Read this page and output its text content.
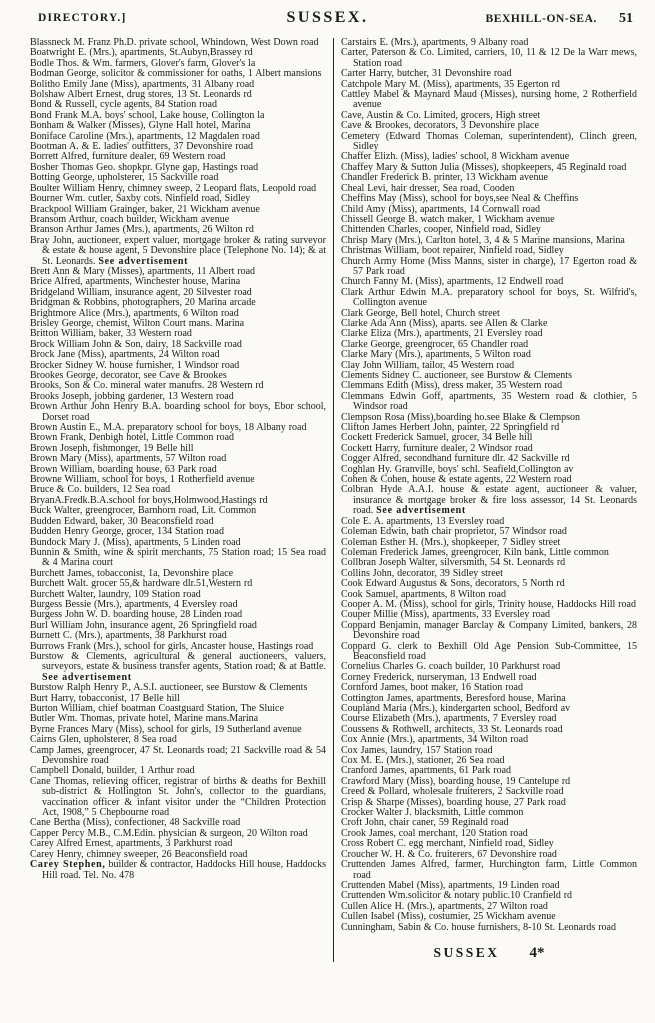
DIRECTORY.]	SUSSEX.	BEXHILL-ON-SEA. 51

Blassneck M. Franz Ph.D. private school, Whindown, West Down road

Boatwright E. (Mrs.), apartments, St.Aubyn,Brassey rd

Bodle Thos. & Wm. farmers, Glover's farm, Glover's la

Bodman George, solicitor & commissioner for oaths, 1 Albert mansions

Bolitho Emily Jane (Miss), apartments, 31 Albany road

Bolshaw Albert Ernest, drug stores, 13 St. Leonards rd

Bond & Russell, cycle agents, 84 Station road

Bond Frank M.A. boys' school, Lake house, Collington la

Bonham & Walker (Misses), Glyne Hall hotel, Marina

Boniface Caroline (Mrs.), apartments, 12 Magdalen road

Bootman A. & E. ladies' outfitters, 37 Devonshire road

Borrett Alfred, furniture dealer, 69 Western road

Bosher Thomas Geo. shopkpr. Glyne gap, Hastings road

Botting George, upholsterer, 15 Sackville road

Boulter William Henry, chimney sweep, 2 Leopard flats, Leopold road

Bourner Wm. cutler, Saxby cots. Ninfield road, Sidley

Brackpool William Grainger, baker, 21 Wickham avenue

Bransom Arthur, coach builder, Wickham avenue

Branson Arthur James (Mrs.), apartments, 26 Wilton rd

Bray John, auctioneer, expert valuer, mortgage broker & rating surveyor & estate & house agent, 5 Devonshire place (Telephone No. 14); & at St. Leonards. See advertisement

Brett Ann & Mary (Misses), apartments, 11 Albert road

Brice Alfred, apartments, Winchester house, Marina

Bridgeland William, insurance agent, 20 Silvester road

Bridgman & Robbins, photographers, 20 Marina arcade

Brightmore Alice (Mrs.), apartments, 6 Wilton road

Brisley George, chemist, Wilton Court mans. Marina

Britton William, baker, 33 Western road

Brock William John & Son, dairy, 18 Sackville road

Brock Jane (Miss), apartments, 24 Wilton road

Brocker Sidney W. house furnisher, 1 Windsor road

Brookes George, decorator, see Cave & Brookes

Brooks, Son & Co. mineral water manufrs. 28 Western rd

Brooks Joseph, jobbing gardener, 13 Western road

Brown Arthur John Henry B.A. boarding school for boys, Ebor school, Dorset road

Brown Austin E., M.A. preparatory school for boys, 18 Albany road

Brown Frank, Denbigh hotel, Little Common road

Brown Joseph, fishmonger, 19 Belle hill

Brown Mary (Miss), apartments, 57 Wilton road

Brown William, boarding house, 63 Park road

Browne William, school for boys, 1 Rotherfield avenue

Bruce & Co. builders, 12 Sea road

BryanA.Fredk.B.A.school for boys,Holmwood,Hastings rd

Buck Walter, greengrocer, Barnhorn road, Lit. Common

Budden Edward, baker, 30 Beaconsfield road

Budden Henry George, grocer, 134 Station road

Bundock Mary J. (Miss), apartments, 5 Linden road

Bunnin & Smith, wine & spirit merchants, 75 Station road; 15 Sea road & 4 Marina court

Burchett James, tobacconist, 1a, Devonshire place

Burchett Walt. grocer 55,& hardware dlr.51,Western rd

Burchett Walter, laundry, 109 Station road

Burgess Bessie (Mrs.), apartments, 4 Eversley road

Burgess John W. D. boarding house, 28 Linden road

Burl William John, insurance agent, 26 Springfield road

Burnett C. (Mrs.), apartments, 38 Parkhurst road

Burrows Frank (Mrs.), school for girls, Ancaster house, Hastings road

Burstow & Clements, agricultural & general auctioneers, valuers, surveyors, estate & business transfer agents, Station road; & at Battle. See advertisement

Burstow Ralph Henry P., A.S.I. auctioneer, see Burstow & Clements

Burt Harry, tobacconist, 17 Belle hill

Burton William, chief boatman Coastguard Station, The Sluice

Butler Wm. Thomas, private hotel, Marine mans.Marina

Byrne Frances Mary (Miss), school for girls, 19 Sutherland avenue

Cairns Glen, upholsterer, 8 Sea road

Camp James, greengrocer, 47 St. Leonards road; 21 Sackville road & 54 Devonshire road

Campbell Donald, builder, 1 Arthur road

Cane Thomas, relieving officer, registrar of births & deaths for Bexhill sub-district & Hollington St. John's, collector to the guardians, vaccination officer & infant visitor under the “Children Protection Act, 1908,” 5 Chepbourne road

Cane Bertha (Miss), confectioner, 48 Sackville road

Capper Percy M.B., C.M.Edin. physician & surgeon, 20 Wilton road

Carey Alfred Ernest, apartments, 3 Parkhurst road

Carey Henry, chimney sweeper, 26 Beaconsfield road

Carey Stephen, builder & contractor, Haddocks Hill house, Haddocks Hill road. Tel. No. 478

Carstairs E. (Mrs.), apartments, 9 Albany road

Carter, Paterson & Co. Limited, carriers, 10, 11 & 12 De la Warr mews, Station road

Carter Harry, butcher, 31 Devonshire road

Catchpole Mary M. (Miss), apartments, 35 Egerton rd

Cattley Mabel & Maynard Maud (Misses), nursing home, 2 Rotherfield avenue

Cave, Austin & Co. Limited, grocers, High street

Cave & Brookes, decorators, 3 Devonshire place

Cemetery (Edward Thomas Coleman, superintendent), Clinch green, Sidley

Chaffer Elizh. (Miss), ladies' school, 8 Wickham avenue

Chaffey Mary & Sutton Julia (Misses), shopkeepers, 45 Reginald road

Chandler Frederick B. printer, 13 Wickham avenue

Cheal Levi, hair dresser, Sea road, Cooden

Cheffins May (Miss), school for boys,see Neal & Cheffins

Child Amy (Miss), apartments, 14 Cornwall road

Chissell George B. watch maker, 1 Wickham avenue

Chittenden Charles, cooper, Ninfield road, Sidley

Chrisp Mary (Mrs.), Carlton hotel, 3, 4 & 5 Marine mansions, Marina

Christmas William, boot repairer, Ninfield road, Sidley

Church Army Home (Miss Manns, sister in charge), 17 Egerton road & 57 Park road

Church Fanny M. (Miss), apartments, 12 Endwell road

Clark Arthur Edwin M.A. preparatory school for boys, St. Wilfrid's, Collington avenue

Clark George, Bell hotel, Church street

Clarke Ada Ann (Miss), aparts. see Allen & Clarke

Clarke Eliza (Mrs.), apartments, 21 Eversley road

Clarke George, greengrocer, 65 Chandler road

Clarke Mary (Mrs.), apartments, 5 Wilton road

Clay John William, tailor, 45 Western road

Clements Sidney C. auctioneer, see Burstow & Clements

Clemmans Edith (Miss), dress maker, 35 Western road

Clemmans Edwin Goff, apartments, 35 Western road & clothier, 5 Windsor road

Clempson Rosa (Miss),boarding ho.see Blake & Clempson

Clifton James Herbert John, painter, 22 Springfield rd

Cockett Frederick Samuel, grocer, 34 Belle hill

Cockett Harry, furniture dealer, 2 Windsor road

Cogger Alfred, secondhand furniture dlr. 42 Sackville rd

Coghlan Hy. Granville, boys' schl. Seafield,Collington av

Cohen & Cohen, house & estate agents, 22 Western road

Colbran Hyde A.A.I. house & estate agent, auctioneer & valuer, insurance & mortgage broker & fire loss assessor, 14 St. Leonards road. See advertisement

Cole E. A. apartments, 13 Eversley road

Coleman Edwin, bath chair proprietor, 57 Windsor road

Coleman Esther H. (Mrs.), shopkeeper, 7 Sidley street

Coleman Frederick James, greengrocer, Kiln bank, Little common

Collbran Joseph Walter, silversmith, 54 St. Leonards rd

Collins John, decorator, 39 Sidley street

Cook Edward Augustus & Sons, decorators, 5 North rd

Cook Samuel, apartments, 8 Wilton road

Cooper A. M. (Miss), school for girls, Trinity house, Haddocks Hill road

Couper Millie (Miss), apartments, 33 Eversley road

Coppard Benjamin, manager Barclay & Company Limited, bankers, 28 Devonshire road

Coppard G. clerk to Bexhill Old Age Pension Sub-Committee, 15 Beaconsfield road

Cornelius Charles G. coach builder, 10 Parkhurst road

Corney Frederick, nurseryman, 13 Endwell road

Cornford James, boot maker, 16 Station road

Cottington James, apartments, Beresford house, Marina

Coupland Maria (Mrs.), kindergarten school, Bedford av

Course Elizabeth (Mrs.), apartments, 7 Eversley road

Coussens & Rothwell, architects, 33 St. Leonards road

Cox Annie (Mrs.), apartments, 34 Wilton road

Cox James, laundry, 157 Station road

Cox M. E. (Mrs.), stationer, 26 Sea road

Cranford James, apartments, 61 Park road

Crawford Mary (Miss), boarding house, 19 Cantelupe rd

Creed & Pollard, wholesale fruiterers, 2 Sackville road

Crisp & Sharpe (Misses), boarding house, 27 Park road

Crocker Walter J. blacksmith, Little common

Croft John, chair caner, 59 Reginald road

Crook James, coal merchant, 120 Station road

Cross Robert C. egg merchant, Ninfield road, Sidley

Croucher W. H. & Co. fruiterers, 67 Devonshire road

Cruttenden James Alfred, farmer, Hurchington farm, Little Common road

Cruttenden Mabel (Miss), apartments, 19 Linden road

Cruttenden Wm.solicitor & notary public.10 Cranfield rd

Cullen Alice H. (Mrs.), apartments, 27 Wilton road

Cullen Isabel (Miss), costumier, 25 Wickham avenue

Cunningham, Sabin & Co. house furnishers, 8-10 St. Leonards road

SUSSEX 4*
